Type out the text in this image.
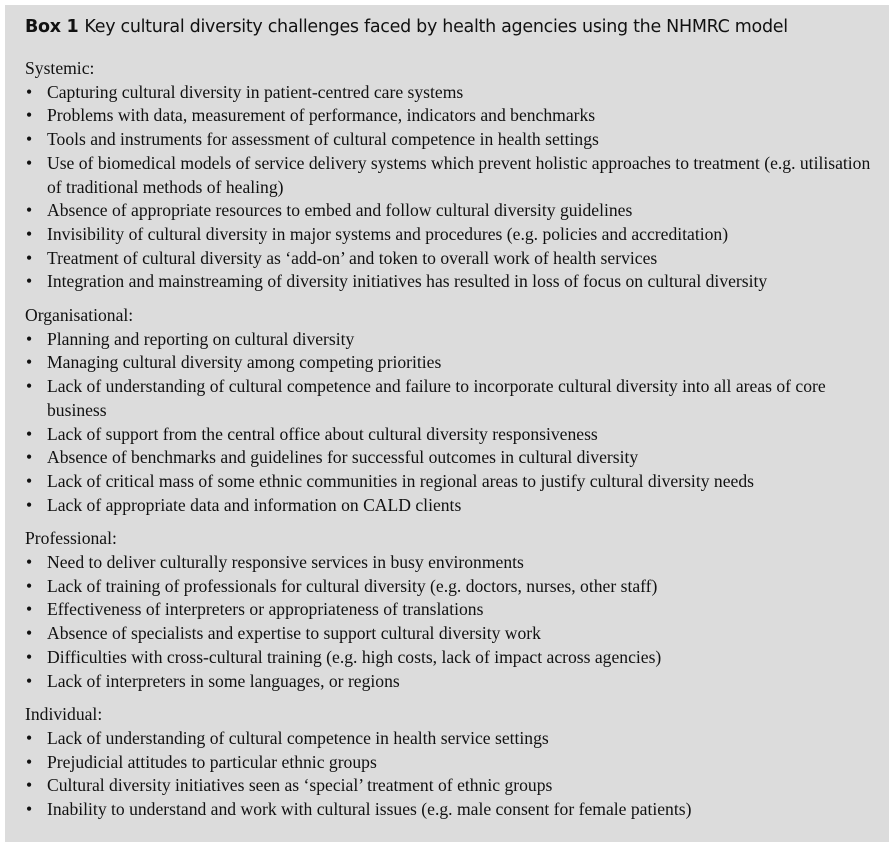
Box 1 Key cultural diversity challenges faced by health agencies using the NHMRC model
Systemic:
• Capturing cultural diversity in patient-centred care systems
• Problems with data, measurement of performance, indicators and benchmarks
• Tools and instruments for assessment of cultural competence in health settings
• Use of biomedical models of service delivery systems which prevent holistic approaches to treatment (e.g. utilisation of traditional methods of healing)
• Absence of appropriate resources to embed and follow cultural diversity guidelines
• Invisibility of cultural diversity in major systems and procedures (e.g. policies and accreditation)
• Treatment of cultural diversity as ‘add-on’ and token to overall work of health services
• Integration and mainstreaming of diversity initiatives has resulted in loss of focus on cultural diversity
Organisational:
• Planning and reporting on cultural diversity
• Managing cultural diversity among competing priorities
• Lack of understanding of cultural competence and failure to incorporate cultural diversity into all areas of core business
• Lack of support from the central office about cultural diversity responsiveness
• Absence of benchmarks and guidelines for successful outcomes in cultural diversity
• Lack of critical mass of some ethnic communities in regional areas to justify cultural diversity needs
• Lack of appropriate data and information on CALD clients
Professional:
• Need to deliver culturally responsive services in busy environments
• Lack of training of professionals for cultural diversity (e.g. doctors, nurses, other staff)
• Effectiveness of interpreters or appropriateness of translations
• Absence of specialists and expertise to support cultural diversity work
• Difficulties with cross-cultural training (e.g. high costs, lack of impact across agencies)
• Lack of interpreters in some languages, or regions
Individual:
• Lack of understanding of cultural competence in health service settings
• Prejudicial attitudes to particular ethnic groups
• Cultural diversity initiatives seen as ‘special’ treatment of ethnic groups
• Inability to understand and work with cultural issues (e.g. male consent for female patients)
